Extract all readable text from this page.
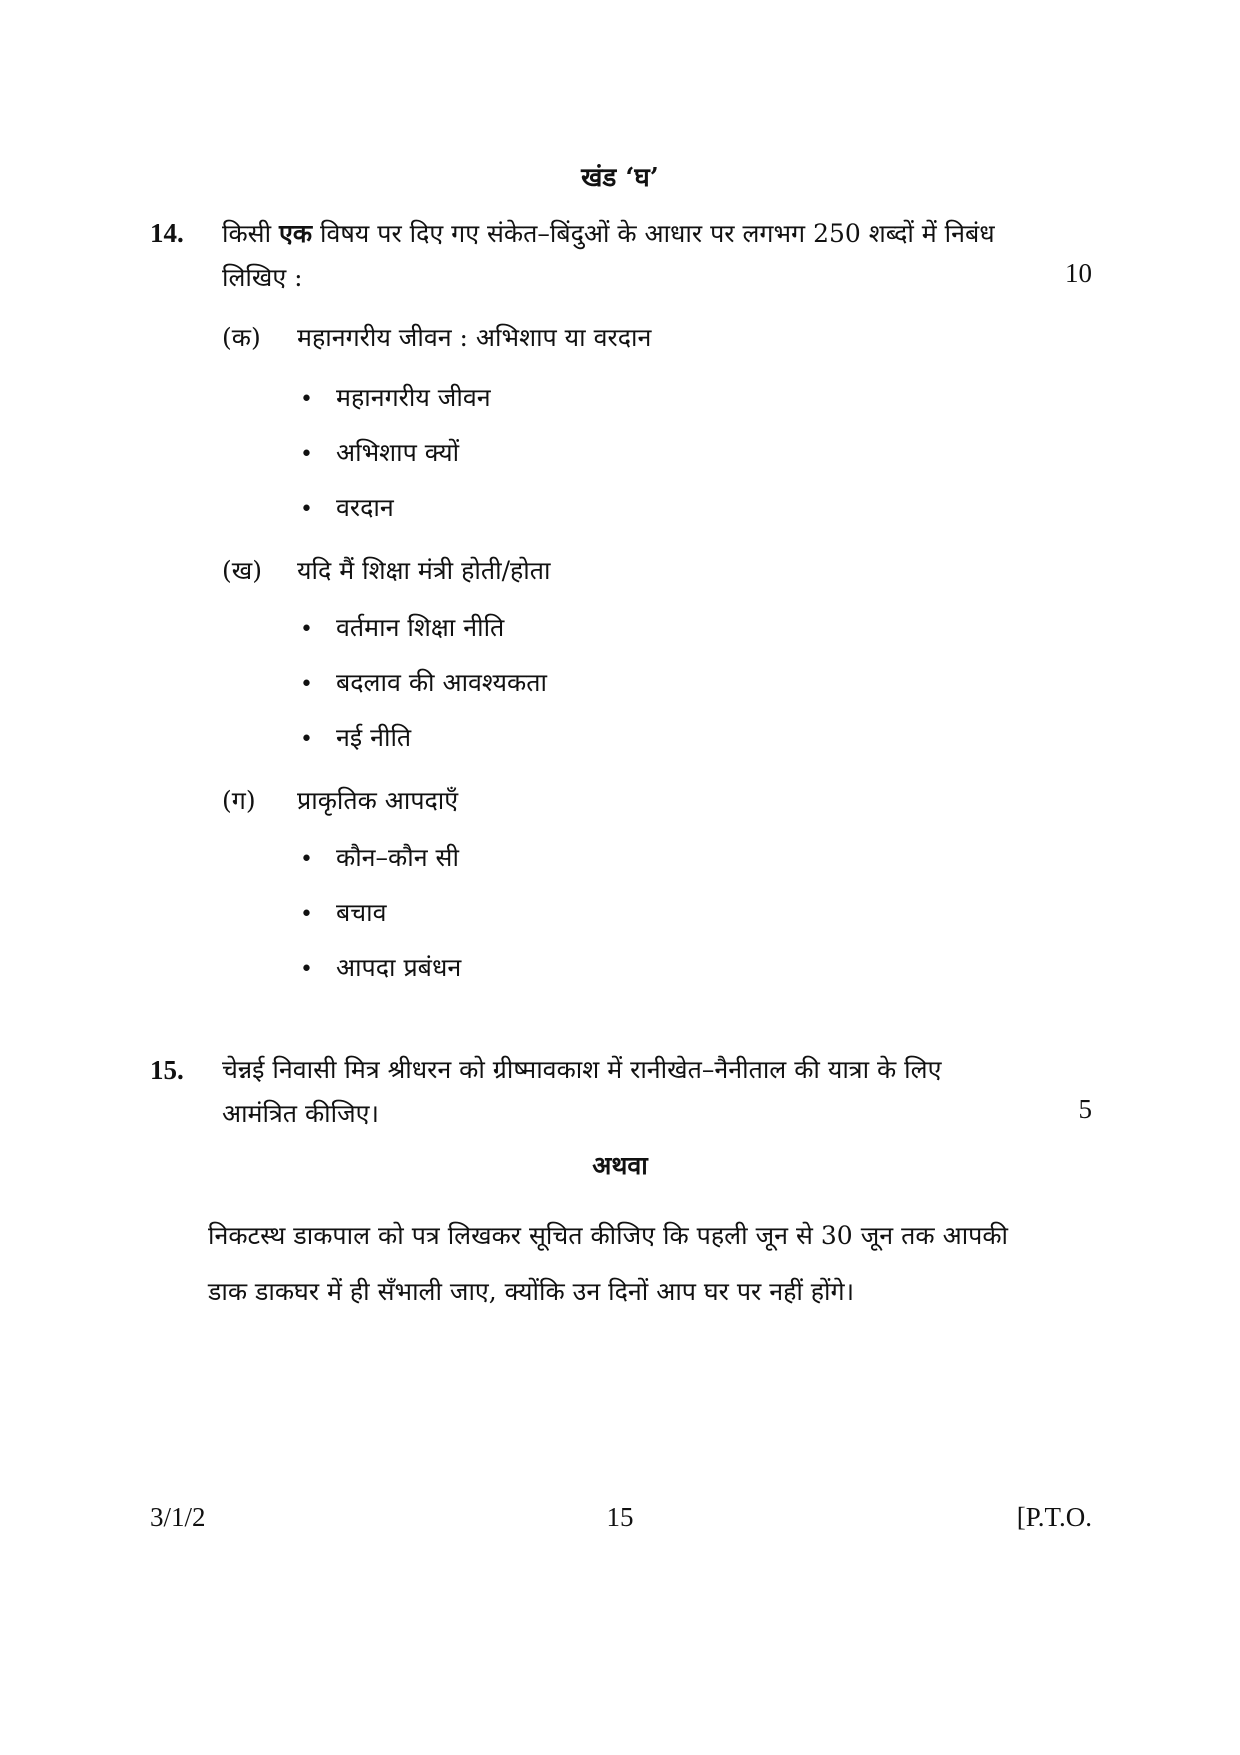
खंड ‘घ’
14. किसी एक विषय पर दिए गए संकेत–बिंदुओं के आधार पर लगभग 250 शब्दों में निबंध लिखिए :	10
(क) महानगरीय जीवन : अभिशाप या वरदान
• महानगरीय जीवन
• अभिशाप क्यों
• वरदान
(ख) यदि मैं शिक्षा मंत्री होती/होता
• वर्तमान शिक्षा नीति
• बदलाव की आवश्यकता
• नई नीति
(ग) प्राकृतिक आपदाएँ
• कौन–कौन सी
• बचाव
• आपदा प्रबंधन
15. चेन्नई निवासी मित्र श्रीधरन को ग्रीष्मावकाश में रानीखेत–नैनीताल की यात्रा के लिए आमंत्रित कीजिए।	5
अथवा
निकटस्थ डाकपाल को पत्र लिखकर सूचित कीजिए कि पहली जून से 30 जून तक आपकी डाक डाकघर में ही सँभाली जाए, क्योंकि उन दिनों आप घर पर नहीं होंगे।
3/1/2	15	[P.T.O.
